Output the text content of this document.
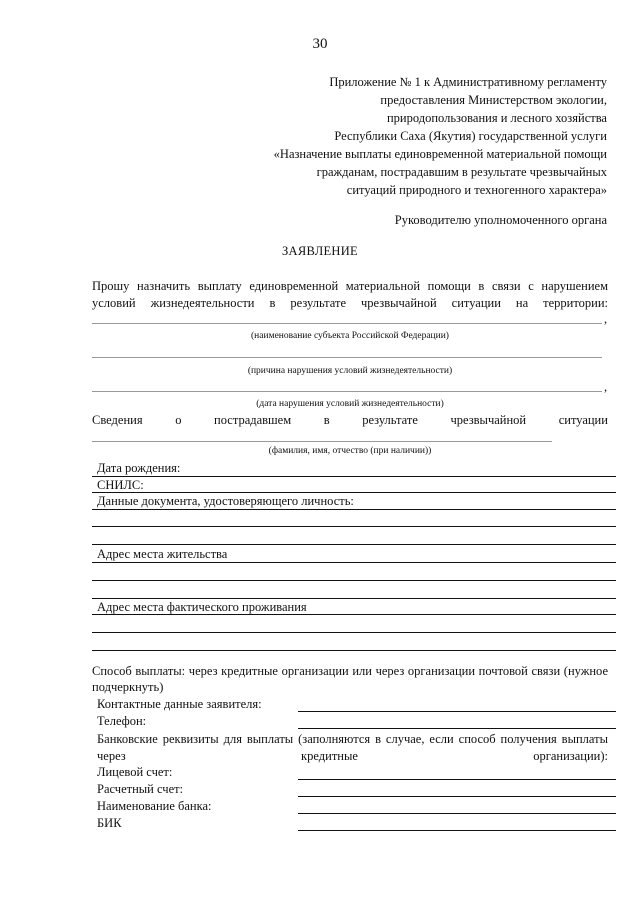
30
Приложение № 1 к Административному регламенту
предоставления Министерством экологии,
природопользования и лесного хозяйства
Республики Саха (Якутия) государственной услуги
«Назначение выплаты единовременной материальной помощи
гражданам, пострадавшим в результате чрезвычайных
ситуаций природного и техногенного характера»
Руководителю уполномоченного органа
ЗАЯВЛЕНИЕ
Прошу назначить выплату единовременной материальной помощи в связи с нарушением условий жизнедеятельности в результате чрезвычайной ситуации на территории:
,
(наименование субъекта Российской Федерации)
(причина нарушения условий жизнедеятельности)
,
(дата нарушения условий жизнедеятельности)
Сведения	о	пострадавшем	в	результате	чрезвычайной	ситуации
(фамилия, имя, отчество (при наличии))
Дата рождения:
СНИЛС:
Данные документа, удостоверяющего личность:
Адрес места жительства
Адрес места фактического проживания
Способ выплаты: через кредитные организации или через организации почтовой связи (нужное подчеркнуть)
Контактные данные заявителя:
Телефон:
Банковские реквизиты для выплаты (заполняются в случае, если способ получения выплаты через кредитные организации):
Лицевой счет:
Расчетный счет:
Наименование банка:
БИК
